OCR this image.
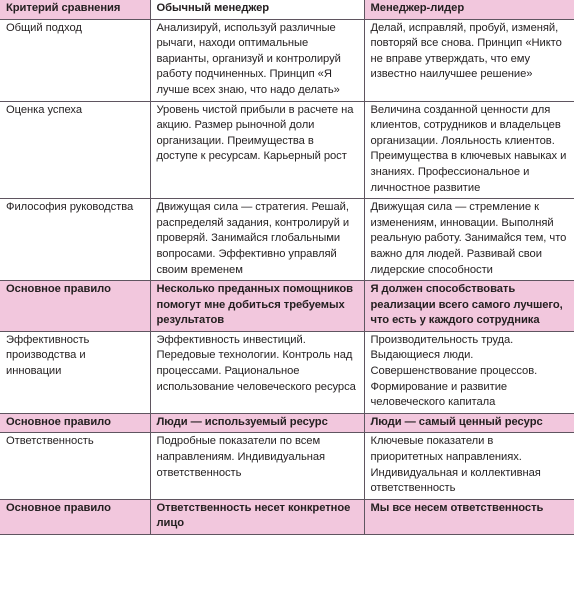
Критерий сравнения	Обычный менеджер	Менеджер-лидер
Общий подход	Анализируй, используй различные рычаги, находи оптимальные варианты, организуй и контролируй работу подчиненных. Принцип «Я лучше всех знаю, что надо делать»	Делай, исправляй, пробуй, изменяй, повторяй все снова. Принцип «Никто не вправе утверждать, что ему известно наилучшее решение»
Оценка успеха	Уровень чистой прибыли в расчете на акцию. Размер рыночной доли организации. Преимущества в доступе к ресурсам. Карьерный рост	Величина созданной ценности для клиентов, сотрудников и владельцев организации. Лояльность клиентов. Преимущества в ключевых навыках и знаниях. Профессиональное и личностное развитие
Философия руководства	Движущая сила — стратегия. Решай, распределяй задания, контролируй и проверяй. Занимайся глобальными вопросами. Эффективно управляй своим временем	Движущая сила — стремление к изменениям, инновации. Выполняй реальную работу. Занимайся тем, что важно для людей. Развивай свои лидерские способности
Основное правило	Несколько преданных помощников помогут мне добиться требуемых результатов	Я должен способствовать реализации всего самого лучшего, что есть у каждого сотрудника
Эффективность производства и инновации	Эффективность инвестиций. Передовые технологии. Контроль над процессами. Рациональное использование человеческого ресурса	Производительность труда. Выдающиеся люди. Совершенствование процессов. Формирование и развитие человеческого капитала
Основное правило	Люди — используемый ресурс	Люди — самый ценный ресурс
Ответственность	Подробные показатели по всем направлениям. Индивидуальная ответственность	Ключевые показатели в приоритетных направлениях. Индивидуальная и коллективная ответственность
Основное правило	Ответственность несет конкретное лицо	Мы все несем ответственность
